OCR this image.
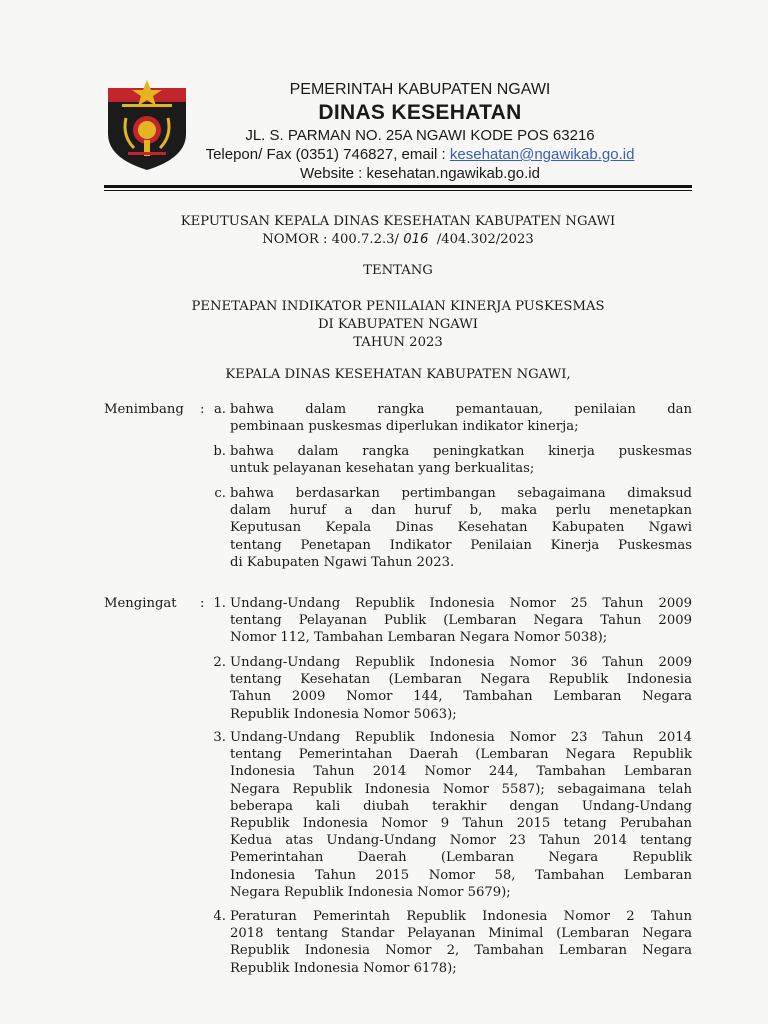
PEMERINTAH KABUPATEN NGAWI
DINAS KESEHATAN
JL. S. PARMAN NO. 25A NGAWI KODE POS 63216
Telepon/ Fax (0351) 746827, email : kesehatan@ngawikab.go.id
Website : kesehatan.ngawikab.go.id
KEPUTUSAN KEPALA DINAS KESEHATAN KABUPATEN NGAWI
NOMOR : 400.7.2.3/ 016 /404.302/2023
TENTANG
PENETAPAN INDIKATOR PENILAIAN KINERJA PUSKESMAS
DI KABUPATEN NGAWI
TAHUN 2023
KEPALA DINAS KESEHATAN KABUPATEN NGAWI,
Menimbang : a. bahwa dalam rangka pemantauan, penilaian dan
pembinaan puskesmas diperlukan indikator kinerja;
b. bahwa dalam rangka peningkatkan kinerja puskesmas
untuk pelayanan kesehatan yang berkualitas;
c. bahwa berdasarkan pertimbangan sebagaimana dimaksud
dalam huruf a dan huruf b, maka perlu menetapkan
Keputusan Kepala Dinas Kesehatan Kabupaten Ngawi
tentang Penetapan Indikator Penilaian Kinerja Puskesmas
di Kabupaten Ngawi Tahun 2023.
Mengingat : 1. Undang-Undang Republik Indonesia Nomor 25 Tahun 2009
tentang Pelayanan Publik (Lembaran Negara Tahun 2009
Nomor 112, Tambahan Lembaran Negara Nomor 5038);
2. Undang-Undang Republik Indonesia Nomor 36 Tahun 2009
tentang Kesehatan (Lembaran Negara Republik Indonesia
Tahun 2009 Nomor 144, Tambahan Lembaran Negara
Republik Indonesia Nomor 5063);
3. Undang-Undang Republik Indonesia Nomor 23 Tahun 2014
tentang Pemerintahan Daerah (Lembaran Negara Republik
Indonesia Tahun 2014 Nomor 244, Tambahan Lembaran
Negara Republik Indonesia Nomor 5587); sebagaimana telah
beberapa kali diubah terakhir dengan Undang-Undang
Republik Indonesia Nomor 9 Tahun 2015 tetang Perubahan
Kedua atas Undang-Undang Nomor 23 Tahun 2014 tentang
Pemerintahan Daerah (Lembaran Negara Republik
Indonesia Tahun 2015 Nomor 58, Tambahan Lembaran
Negara Republik Indonesia Nomor 5679);
4. Peraturan Pemerintah Republik Indonesia Nomor 2 Tahun
2018 tentang Standar Pelayanan Minimal (Lembaran Negara
Republik Indonesia Nomor 2, Tambahan Lembaran Negara
Republik Indonesia Nomor 6178);
